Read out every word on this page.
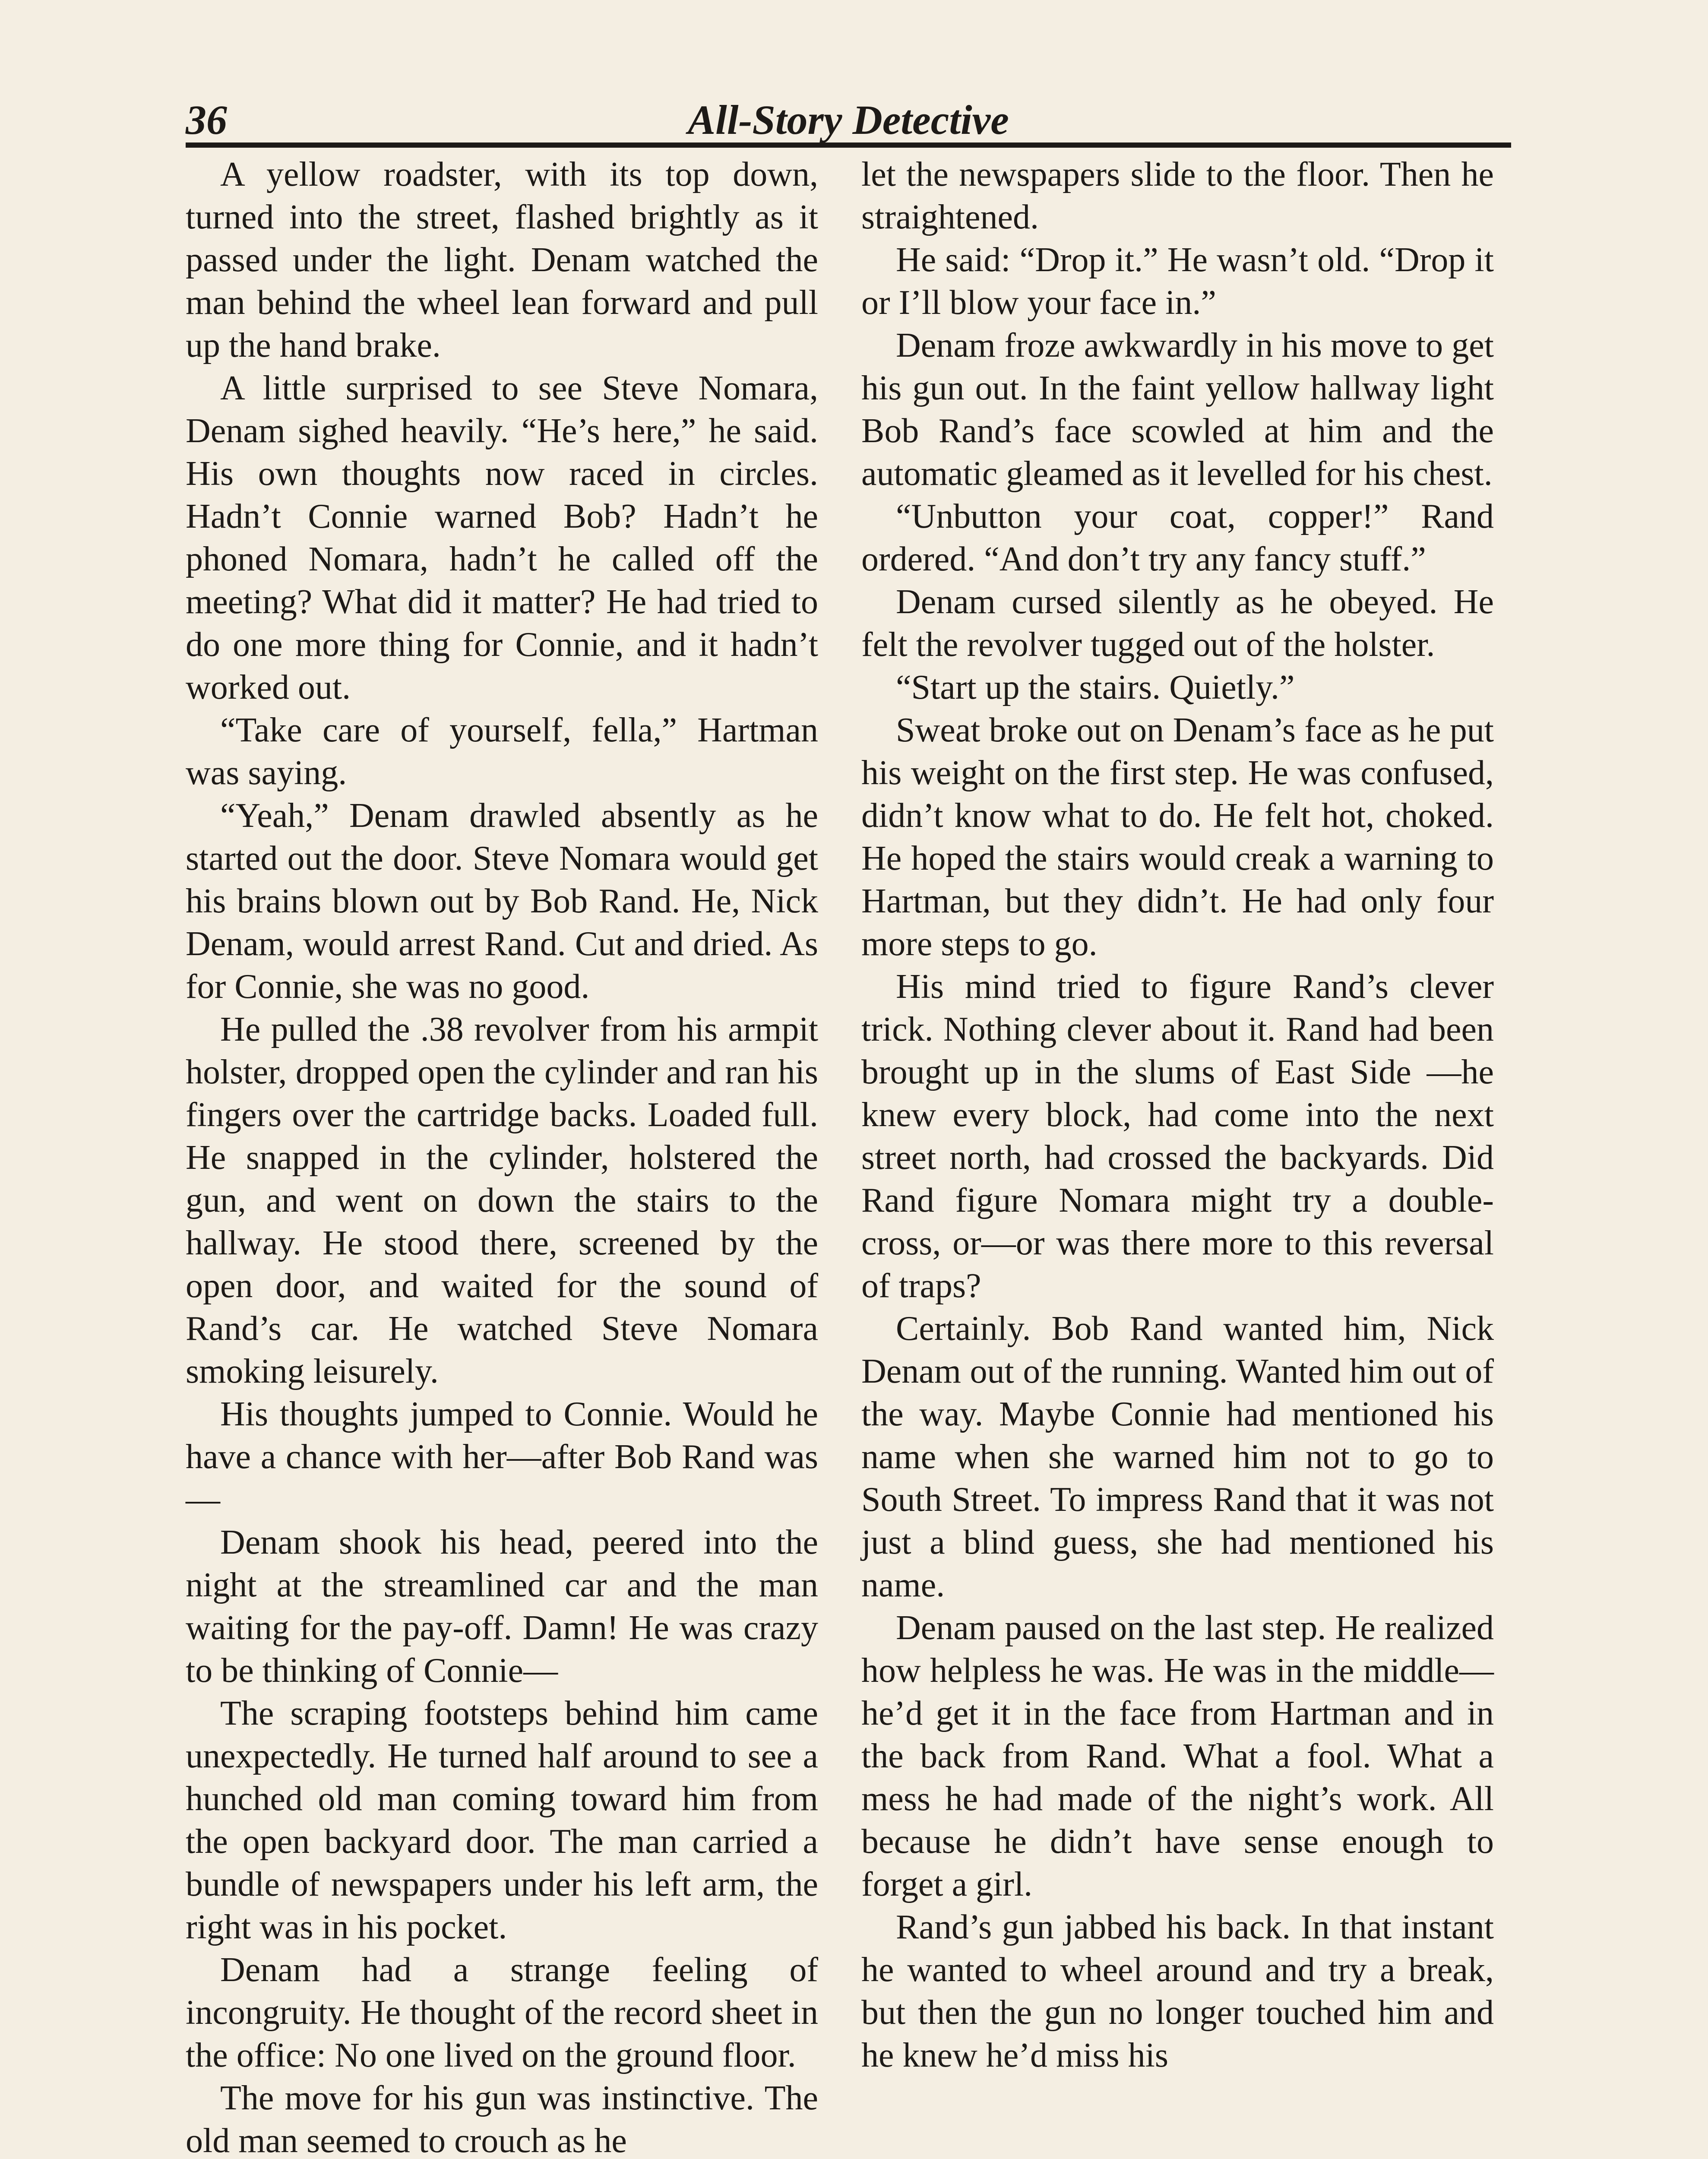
36	All-Story Detective

A yellow roadster, with its top down, turned into the street, flashed brightly as it passed under the light. Denam watched the man behind the wheel lean forward and pull up the hand brake.

A little surprised to see Steve Nomara, Denam sighed heavily. “He’s here,” he said. His own thoughts now raced in circles. Hadn’t Connie warned Bob? Hadn’t he phoned Nomara, hadn’t he called off the meeting? What did it matter? He had tried to do one more thing for Connie, and it hadn’t worked out.

“Take care of yourself, fella,” Hartman was saying.

“Yeah,” Denam drawled absently as he started out the door. Steve Nomara would get his brains blown out by Bob Rand. He, Nick Denam, would arrest Rand. Cut and dried. As for Connie, she was no good.

He pulled the .38 revolver from his armpit holster, dropped open the cylinder and ran his fingers over the cartridge backs. Loaded full. He snapped in the cylinder, holstered the gun, and went on down the stairs to the hallway. He stood there, screened by the open door, and waited for the sound of Rand’s car. He watched Steve Nomara smoking leisurely.

His thoughts jumped to Connie. Would he have a chance with her—after Bob Rand was—

Denam shook his head, peered into the night at the streamlined car and the man waiting for the pay-off. Damn! He was crazy to be thinking of Connie—

The scraping footsteps behind him came unexpectedly. He turned half around to see a hunched old man coming toward him from the open backyard door. The man carried a bundle of newspapers under his left arm, the right was in his pocket.

Denam had a strange feeling of incongruity. He thought of the record sheet in the office: No one lived on the ground floor.

The move for his gun was instinctive. The old man seemed to crouch as he

let the newspapers slide to the floor. Then he straightened.

He said: “Drop it.” He wasn’t old. “Drop it or I’ll blow your face in.”

Denam froze awkwardly in his move to get his gun out. In the faint yellow hallway light Bob Rand’s face scowled at him and the automatic gleamed as it levelled for his chest.

“Unbutton your coat, copper!” Rand ordered. “And don’t try any fancy stuff.”

Denam cursed silently as he obeyed. He felt the revolver tugged out of the holster.

“Start up the stairs. Quietly.”

Sweat broke out on Denam’s face as he put his weight on the first step. He was confused, didn’t know what to do. He felt hot, choked. He hoped the stairs would creak a warning to Hartman, but they didn’t. He had only four more steps to go.

His mind tried to figure Rand’s clever trick. Nothing clever about it. Rand had been brought up in the slums of East Side —he knew every block, had come into the next street north, had crossed the backyards. Did Rand figure Nomara might try a double-cross, or—or was there more to this reversal of traps?

Certainly. Bob Rand wanted him, Nick Denam out of the running. Wanted him out of the way. Maybe Connie had mentioned his name when she warned him not to go to South Street. To impress Rand that it was not just a blind guess, she had mentioned his name.

Denam paused on the last step. He realized how helpless he was. He was in the middle—he’d get it in the face from Hartman and in the back from Rand. What a fool. What a mess he had made of the night’s work. All because he didn’t have sense enough to forget a girl.

Rand’s gun jabbed his back. In that instant he wanted to wheel around and try a break, but then the gun no longer touched him and he knew he’d miss his
